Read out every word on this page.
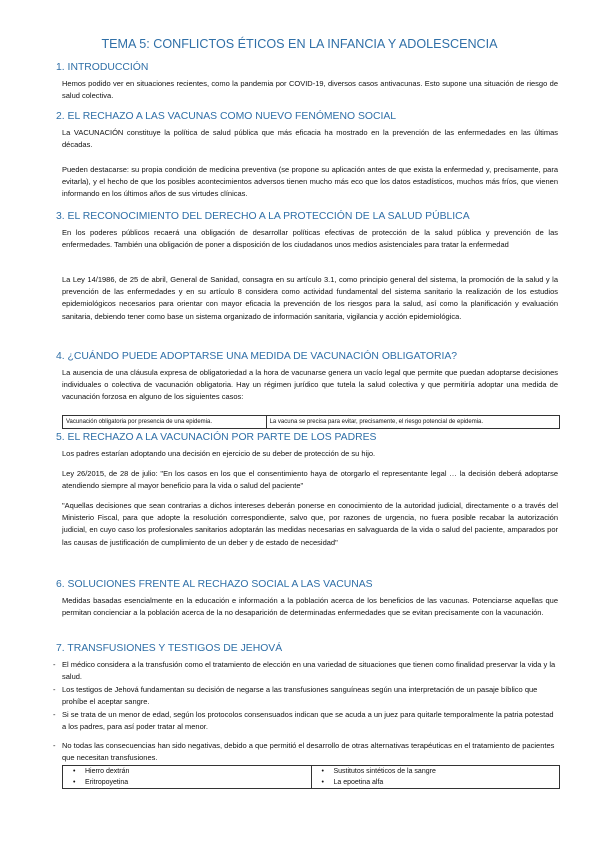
TEMA 5: CONFLICTOS ÉTICOS EN LA INFANCIA Y ADOLESCENCIA
1. INTRODUCCIÓN
Hemos podido ver en situaciones recientes, como la pandemia por COVID-19, diversos casos antivacunas. Esto supone una situación de riesgo de salud colectiva.
2. EL RECHAZO A LAS VACUNAS COMO NUEVO FENÓMENO SOCIAL
La VACUNACIÓN constituye la política de salud pública que más eficacia ha mostrado en la prevención de las enfermedades en las últimas décadas.
Pueden destacarse: su propia condición de medicina preventiva (se propone su aplicación antes de que exista la enfermedad y, precisamente, para evitarla), y el hecho de que los posibles acontecimientos adversos tienen mucho más eco que los datos estadísticos, muchos más fríos, que vienen informando en los últimos años de sus virtudes clínicas.
3. EL RECONOCIMIENTO DEL DERECHO A LA PROTECCIÓN DE LA SALUD PÚBLICA
En los poderes públicos recaerá una obligación de desarrollar políticas efectivas de protección de la salud pública y prevención de las enfermedades. También una obligación de poner a disposición de los ciudadanos unos medios asistenciales para tratar la enfermedad
La Ley 14/1986, de 25 de abril, General de Sanidad, consagra en su artículo 3.1, como principio general del sistema, la promoción de la salud y la prevención de las enfermedades y en su artículo 8 considera como actividad fundamental del sistema sanitario la realización de los estudios epidemiológicos necesarios para orientar con mayor eficacia la prevención de los riesgos para la salud, así como la planificación y evaluación sanitaria, debiendo tener como base un sistema organizado de información sanitaria, vigilancia y acción epidemiológica.
4. ¿CUÁNDO PUEDE ADOPTARSE UNA MEDIDA DE VACUNACIÓN OBLIGATORIA?
La ausencia de una cláusula expresa de obligatoriedad a la hora de vacunarse genera un vacío legal que permite que puedan adoptarse decisiones individuales o colectiva de vacunación obligatoria. Hay un régimen jurídico que tutela la salud colectiva y que permitiría adoptar una medida de vacunación forzosa en alguno de los siguientes casos:
Vacunación obligatoria por presencia de una epidemia.	La vacuna se precisa para evitar, precisamente, el riesgo potencial de epidemia.
5. EL RECHAZO A LA VACUNACIÓN POR PARTE DE LOS PADRES
Los padres estarían adoptando una decisión en ejercicio de su deber de protección de su hijo.
Ley 26/2015, de 28 de julio: "En los casos en los que el consentimiento haya de otorgarlo el representante legal … la decisión deberá adoptarse atendiendo siempre al mayor beneficio para la vida o salud del paciente"
"Aquellas decisiones que sean contrarias a dichos intereses deberán ponerse en conocimiento de la autoridad judicial, directamente o a través del Ministerio Fiscal, para que adopte la resolución correspondiente, salvo que, por razones de urgencia, no fuera posible recabar la autorización judicial, en cuyo caso los profesionales sanitarios adoptarán las medidas necesarias en salvaguarda de la vida o salud del paciente, amparados por las causas de justificación de cumplimiento de un deber y de estado de necesidad"
6. SOLUCIONES FRENTE AL RECHAZO SOCIAL A LAS VACUNAS
Medidas basadas esencialmente en la educación e información a la población acerca de los beneficios de las vacunas. Potenciarse aquellas que permitan concienciar a la población acerca de la no desaparición de determinadas enfermedades que se evitan precisamente con la vacunación.
7. TRANSFUSIONES Y TESTIGOS DE JEHOVÁ
- El médico considera a la transfusión como el tratamiento de elección en una variedad de situaciones que tienen como finalidad preservar la vida y la salud.
- Los testigos de Jehová fundamentan su decisión de negarse a las transfusiones sanguíneas según una interpretación de un pasaje bíblico que prohíbe el aceptar sangre.
- Si se trata de un menor de edad, según los protocolos consensuados indican que se acuda a un juez para quitarle temporalmente la patria potestad a los padres, para así poder tratar al menor.
- No todas las consecuencias han sido negativas, debido a que permitió el desarrollo de otras alternativas terapéuticas en el tratamiento de pacientes que necesitan transfusiones.
• Hierro dextrán
• Eritropoyetina

• Sustitutos sintéticos de la sangre
• La epoetina alfa
